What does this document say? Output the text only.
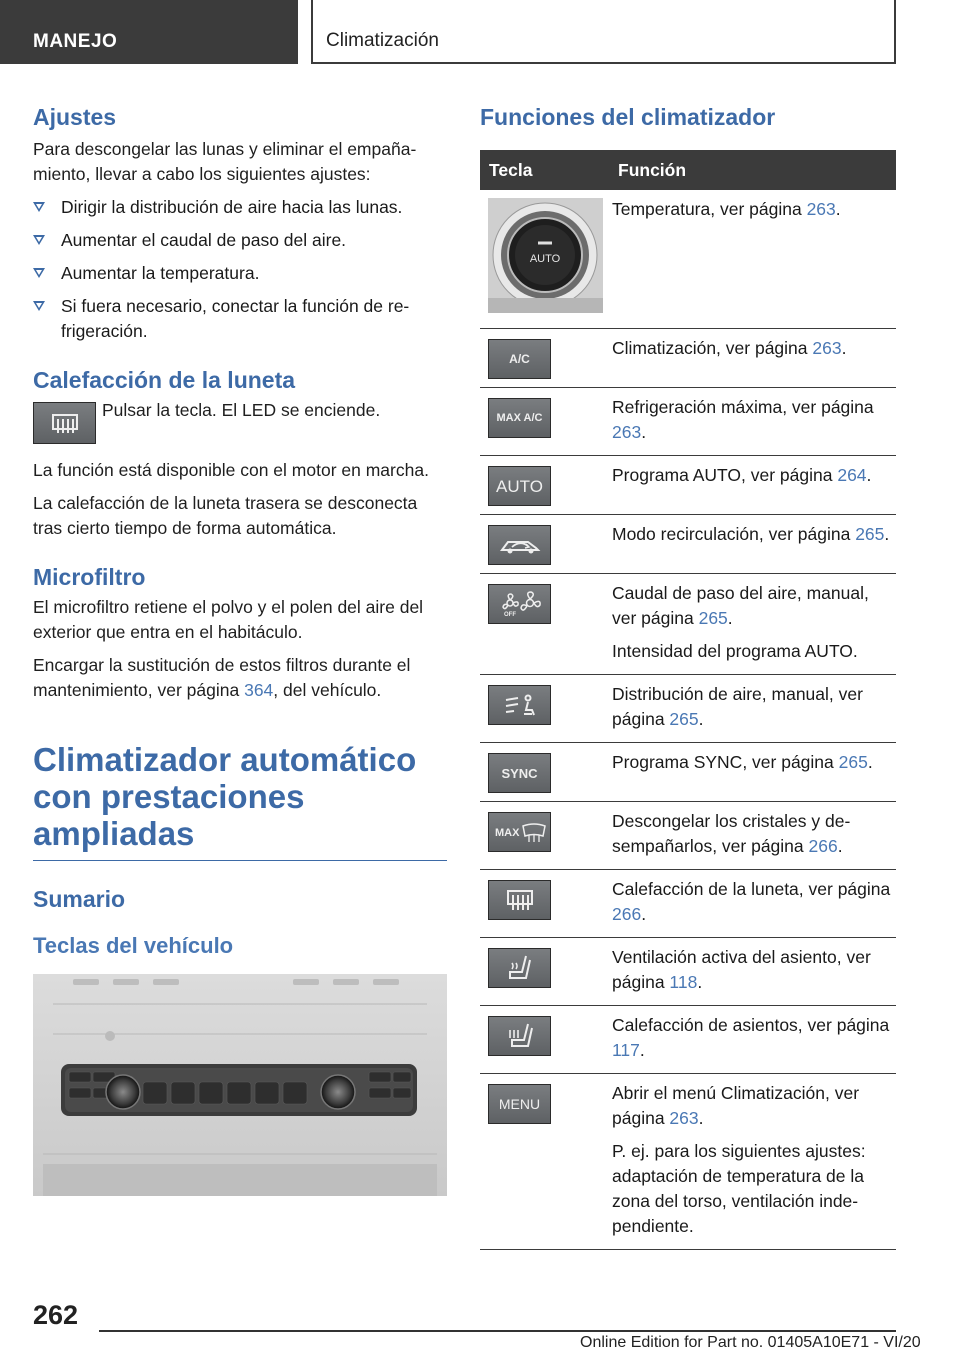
MANEJO	Climatización
Ajustes

Para descongelar las lunas y eliminar el empañamiento, llevar a cabo los siguientes ajustes:

Dirigir la distribución de aire hacia las lunas.
Aumentar el caudal de paso del aire.
Aumentar la temperatura.
Si fuera necesario, conectar la función de refrigeración.
Calefacción de la luneta

Pulsar la tecla. El LED se enciende.

La función está disponible con el motor en marcha.

La calefacción de la luneta trasera se desconecta tras cierto tiempo de forma automática.

Microfiltro

El microfiltro retiene el polvo y el polen del aire del exterior que entra en el habitáculo.

Encargar la sustitución de estos filtros durante el mantenimiento, ver página 364, del vehículo.

Climatizador automático
con prestaciones
ampliadas
Sumario
Teclas del vehículo
Funciones del climatizador
Tecla	Función

AUTO	Temperatura, ver página 263.

A/C	Climatización, ver página 263.

MAX A/C	Refrigeración máxima, ver página 263.

AUTO	Programa AUTO, ver página 264.

Modo recirculación, ver página 265.

OFF	Caudal de paso del aire, manual, ver página 265.

Intensidad del programa AUTO.

Distribución de aire, manual, ver página 265.

SYNC	Programa SYNC, ver página 265.

MAX	Descongelar los cristales y desempañarlos, ver página 266.

Calefacción de la luneta, ver página 266.

Ventilación activa del asiento, ver página 118.

Calefacción de asientos, ver página 117.

MENU	Abrir el menú Climatización, ver página 263.

P. ej. para los siguientes ajustes: adaptación de temperatura de la zona del torso, ventilación independiente.

262
Online Edition for Part no. 01405A10E71 - VI/20
